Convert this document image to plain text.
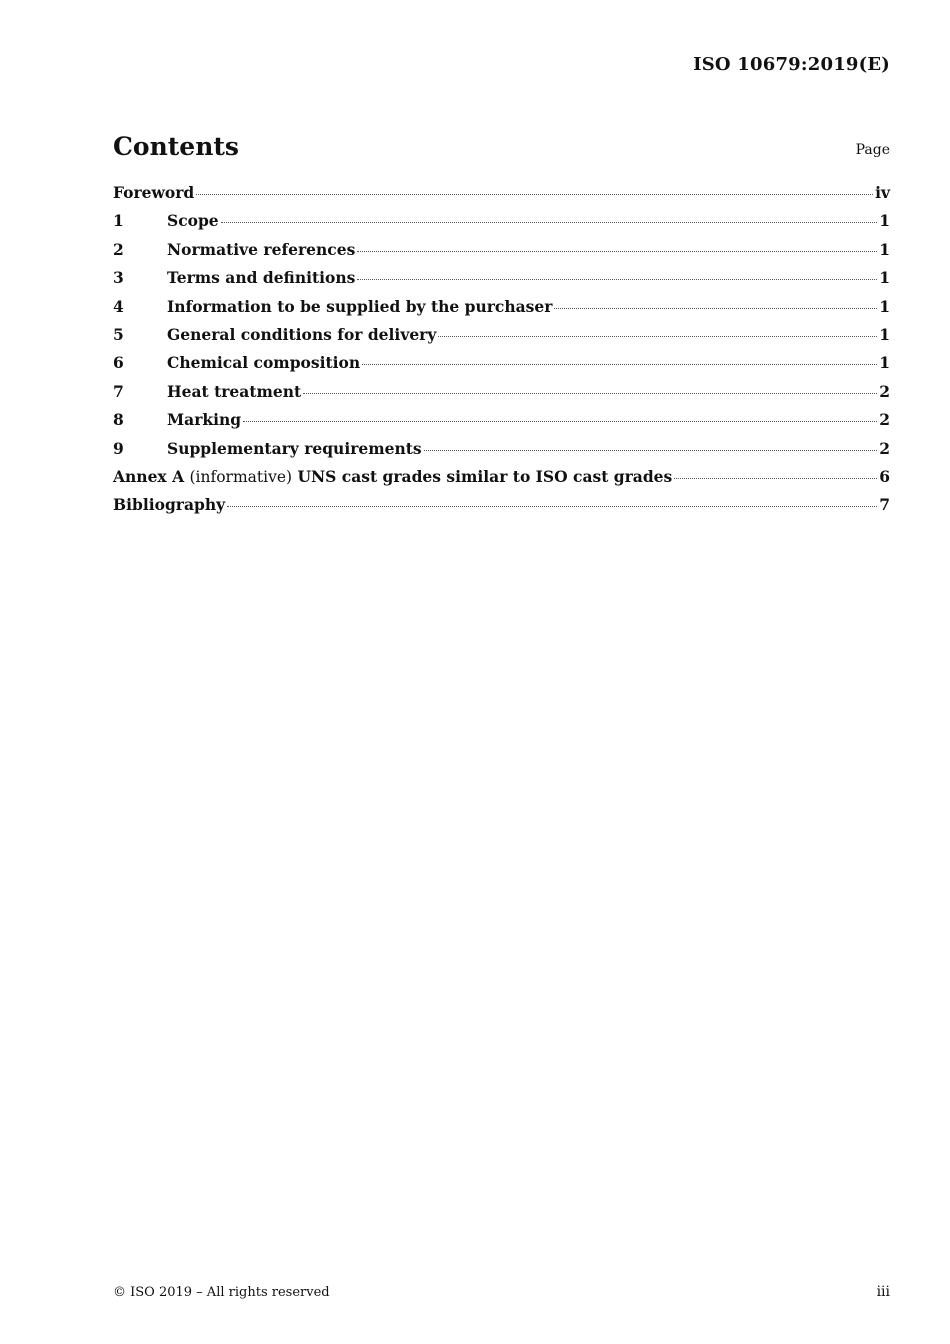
ISO 10679:2019(E)
Contents	Page
Foreword	iv
1	Scope	1
2	Normative references	1
3	Terms and definitions	1
4	Information to be supplied by the purchaser	1
5	General conditions for delivery	1
6	Chemical composition	1
7	Heat treatment	2
8	Marking	2
9	Supplementary requirements	2
Annex A (informative) UNS cast grades similar to ISO cast grades	6
Bibliography	7
© ISO 2019 – All rights reserved	iii
